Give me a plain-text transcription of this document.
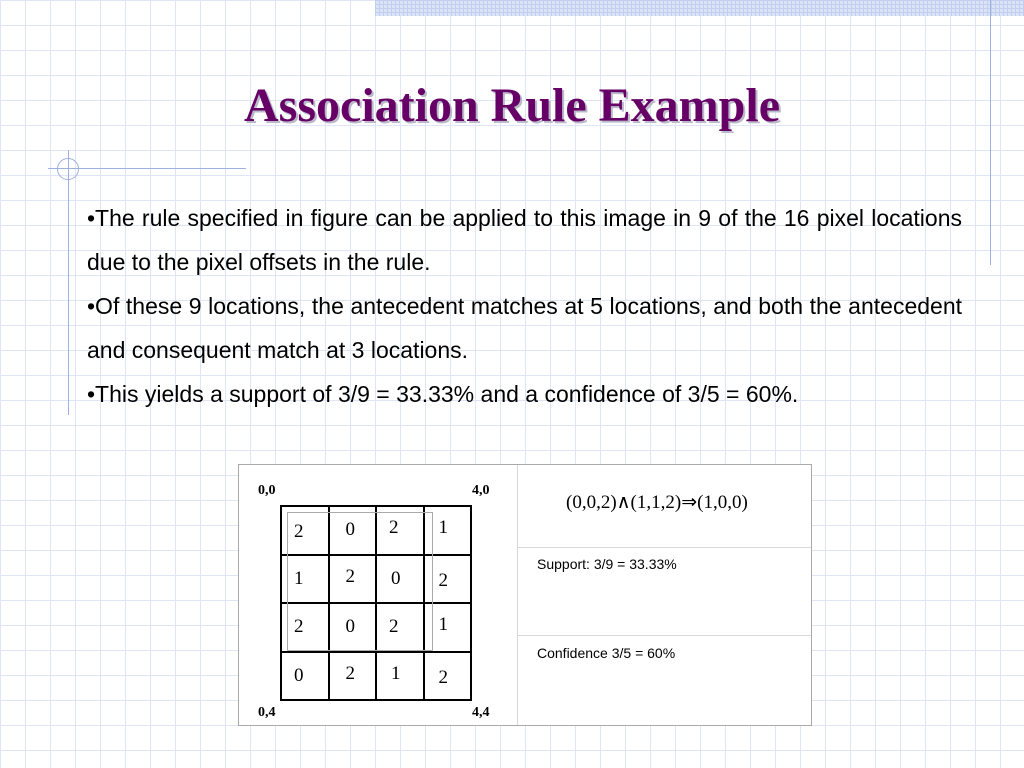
Association Rule Example
•The rule specified in figure can be applied to this image in 9 of the 16 pixel locations due to the pixel offsets in the rule.
•Of these 9 locations, the antecedent matches at 5 locations, and both the antecedent and consequent match at 3 locations.
•This yields a support of 3/9 = 33.33% and a confidence of 3/5 = 60%.
0,0	4,0
0,4	4,4
2	0	2	1

1	2	0	2

2	0	2	1

0	2	1	2
(0,0,2)∧(1,1,2)⇒(1,0,0)
Support: 3/9 = 33.33%
Confidence 3/5 = 60%
